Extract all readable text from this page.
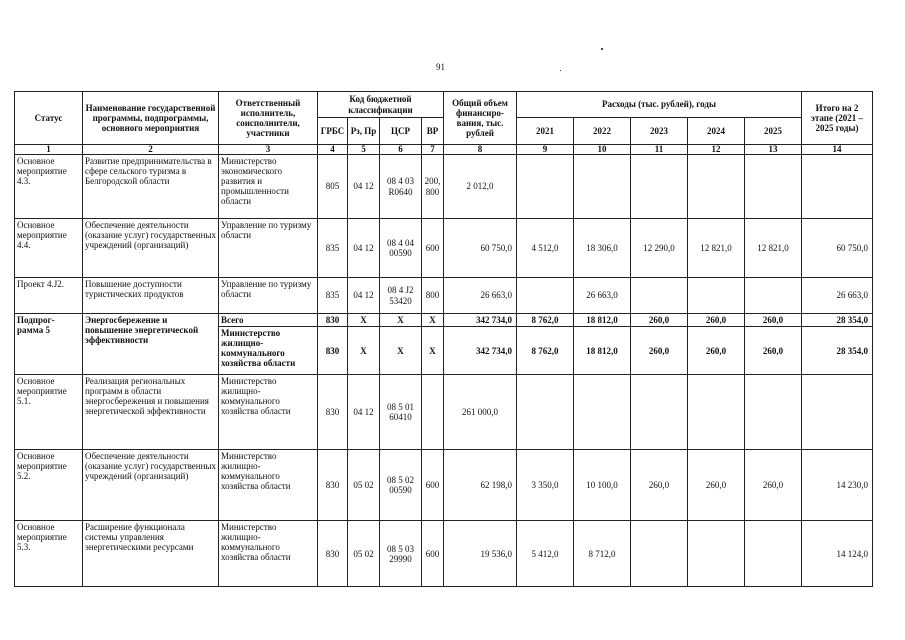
91
Статус	Наименование государственной программы, подпрограммы, основного мероприятия	Ответственный исполнитель, соисполнители, участники	Код бюджетной классификации				Общий объем финансиро-вания, тыс. рублей	Расходы (тыс. рублей), годы					Итого на 2 этапе (2021 – 2025 годы)
			ГРБС	Рз, Пр	ЦСР	ВР		2021	2022	2023	2024	2025	
1	2	3	4	5	6	7	8	9	10	11	12	13	14
Основное мероприятие 4.3.	Развитие предпринимательства в сфере сельского туризма в Белгородской области	Министерство экономического развития и промышленности области	805	04 12	08 4 03 R0640	200, 800	2 012,0						
Основное мероприятие 4.4.	Обеспечение деятельности (оказание услуг) государственных учреждений (организаций)	Управление по туризму области	835	04 12	08 4 04 00590	600	60 750,0	4 512,0	18 306,0	12 290,0	12 821,0	12 821,0	60 750,0
Проект 4.J2.	Повышение доступности туристических продуктов	Управление по туризму области	835	04 12	08 4 J2 53420	800	26 663,0		26 663,0				26 663,0
Подпрог-рамма 5	Энергосбережение и повышение энергетической эффективности	Всего	830	X	X	X	342 734,0	8 762,0	18 812,0	260,0	260,0	260,0	28 354,0
		Министерство жилищно-коммунального хозяйства области	830	X	X	X	342 734,0	8 762,0	18 812,0	260,0	260,0	260,0	28 354,0
Основное мероприятие 5.1.	Реализация региональных программ в области энергосбережения и повышения энергетической эффективности	Министерство жилищно-коммунального хозяйства области	830	04 12	08 5 01 60410		261 000,0						
Основное мероприятие 5.2.	Обеспечение деятельности (оказание услуг) государственных учреждений (организаций)	Министерство жилищно-коммунального хозяйства области	830	05 02	08 5 02 00590	600	62 198,0	3 350,0	10 100,0	260,0	260,0	260,0	14 230,0
Основное мероприятие 5.3.	Расширение функционала системы управления энергетическими ресурсами	Министерство жилищно-коммунального хозяйства области	830	05 02	08 5 03 29990	600	19 536,0	5 412,0	8 712,0				14 124,0
